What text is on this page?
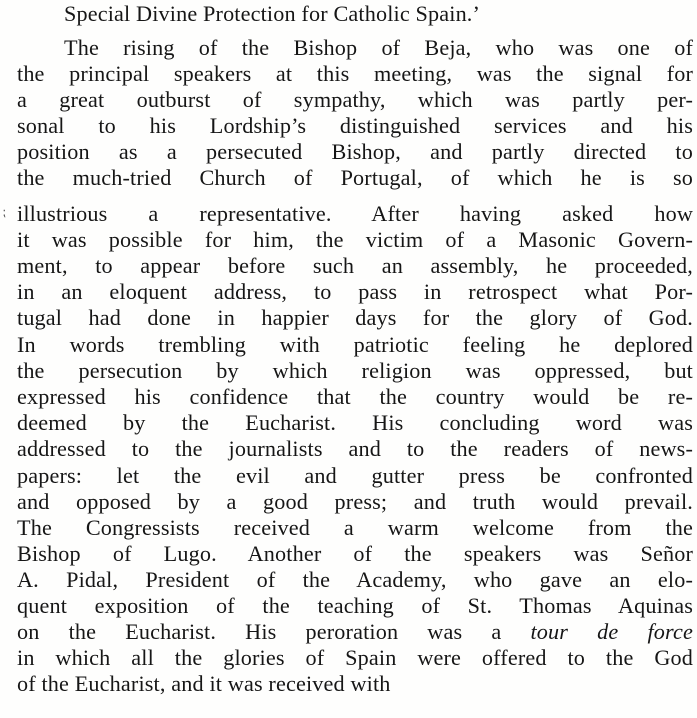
Special Divine Protection for Catholic Spain.’
The rising of the Bishop of Beja, who was one of
the principal speakers at this meeting, was the signal for
a great outburst of sympathy, which was partly per-
sonal to his Lordship’s distinguished services and his
position as a persecuted Bishop, and partly directed to
the much-tried Church of Portugal, of which he is so
illustrious a representative. After having asked how
it was possible for him, the victim of a Masonic Govern-
ment, to appear before such an assembly, he proceeded,
in an eloquent address, to pass in retrospect what Por-
tugal had done in happier days for the glory of God.
In words trembling with patriotic feeling he deplored
the persecution by which religion was oppressed, but
expressed his confidence that the country would be re-
deemed by the Eucharist. His concluding word was
addressed to the journalists and to the readers of news-
papers: let the evil and gutter press be confronted
and opposed by a good press; and truth would prevail.
The Congressists received a warm welcome from the
Bishop of Lugo. Another of the speakers was Señor
A. Pidal, President of the Academy, who gave an elo-
quent exposition of the teaching of St. Thomas Aquinas
on the Eucharist. His peroration was a tour de force
in which all the glories of Spain were offered to the God
of the Eucharist, and it was received with
⁏
